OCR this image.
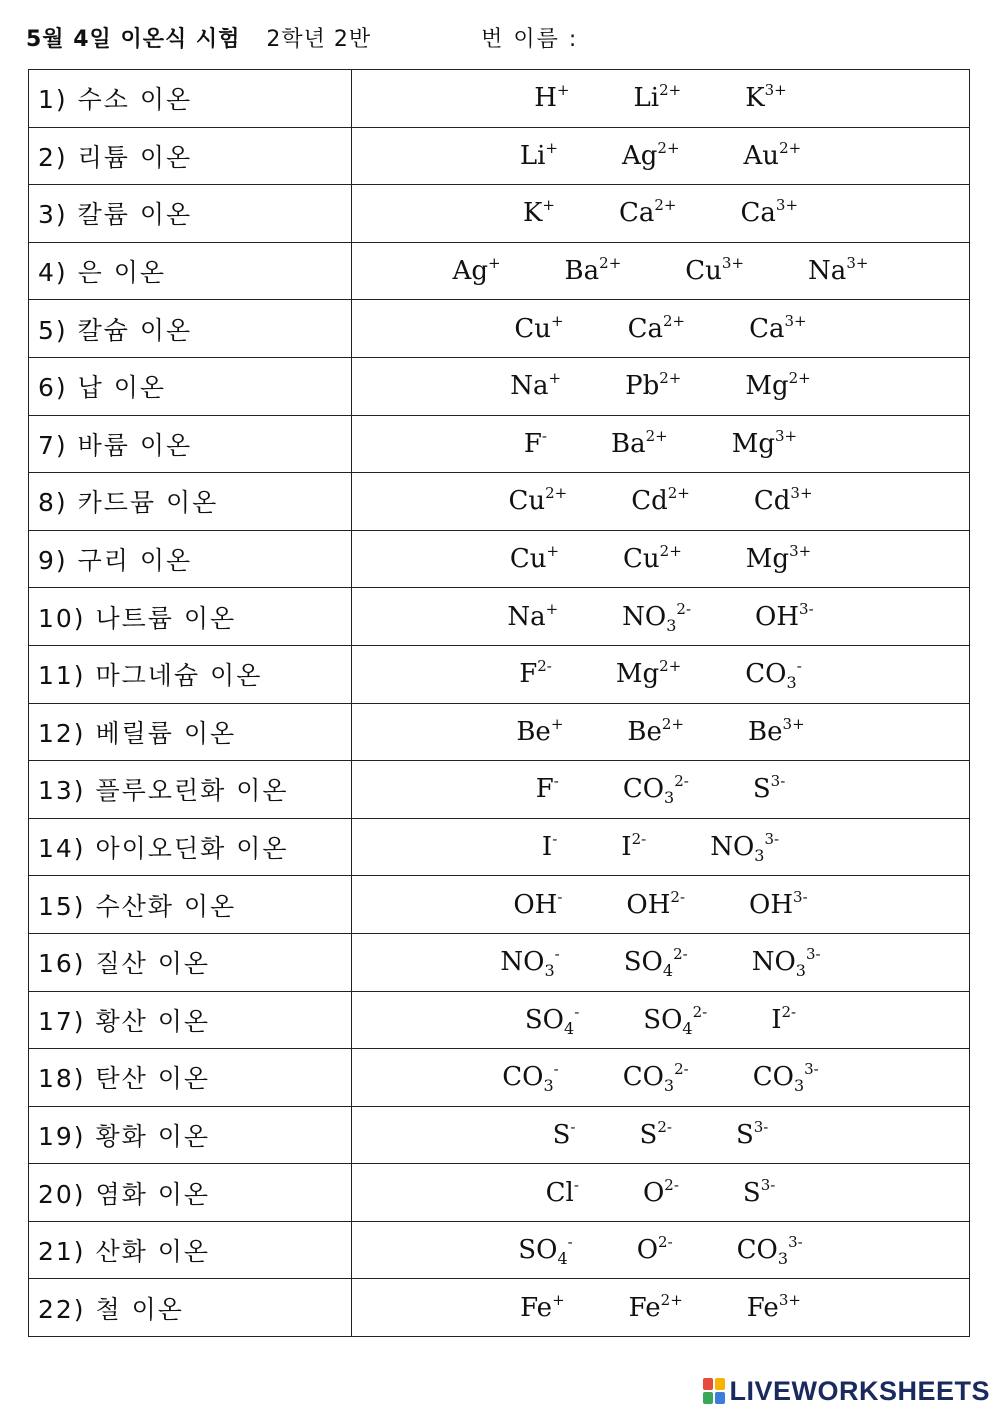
5월 4일 이온식 시험 2학년 2반	번 이름 :
1) 수소 이온	H+ $Li^{2+}$ $K^{3+}$
2) 리튬 이온	Li+ $Ag^{2+}$ $Au^{2+}$
3) 칼륨 이온	K+ $Ca^{2+}$ $Ca^{3+}$
4) 은 이온	Ag+ $Ba^{2+}$ $Cu^{3+}$ $Na^{3+}$
5) 칼슘 이온	Cu+ $Ca^{2+}$ $Ca^{3+}$
6) 납 이온	Na+ $Pb^{2+}$ $Mg^{2+}$
7) 바륨 이온	F- $Ba^{2+}$ $Mg^{3+}$
8) 카드뮴 이온	$Cu^{2+}$ $Cd^{2+}$ $Cd^{3+}$
9) 구리 이온	Cu+ $Cu^{2+}$ $Mg^{3+}$
10) 나트륨 이온	Na+ $NO_3^{2-}$ $OH^{3-}$
11) 마그네슘 이온	$F^{2-}$ $Mg^{2+}$ $CO_3^-$
12) 베릴륨 이온	Be+ $Be^{2+}$ $Be^{3+}$
13) 플루오린화 이온	F- $CO_3^{2-}$ $S^{3-}$
14) 아이오딘화 이온	I- $I^{2-}$ $NO_3^{3-}$
15) 수산화 이온	OH- $OH^{2-}$ $OH^{3-}$
16) 질산 이온	$NO_3^-$ $SO_4^{2-}$ $NO_3^{3-}$
17) 황산 이온	$SO_4^-$ $SO_4^{2-}$ $I^{2-}$
18) 탄산 이온	$CO_3^-$ $CO_3^{2-}$ $CO_3^{3-}$
19) 황화 이온	S- $S^{2-}$ $S^{3-}$
20) 염화 이온	Cl- $O^{2-}$ $S^{3-}$
21) 산화 이온	$SO_4^-$ $O^{2-}$ $CO_3^{3-}$
22) 철 이온	Fe+ $Fe^{2+}$ $Fe^{3+}$
LIVEWORKSHEETS
